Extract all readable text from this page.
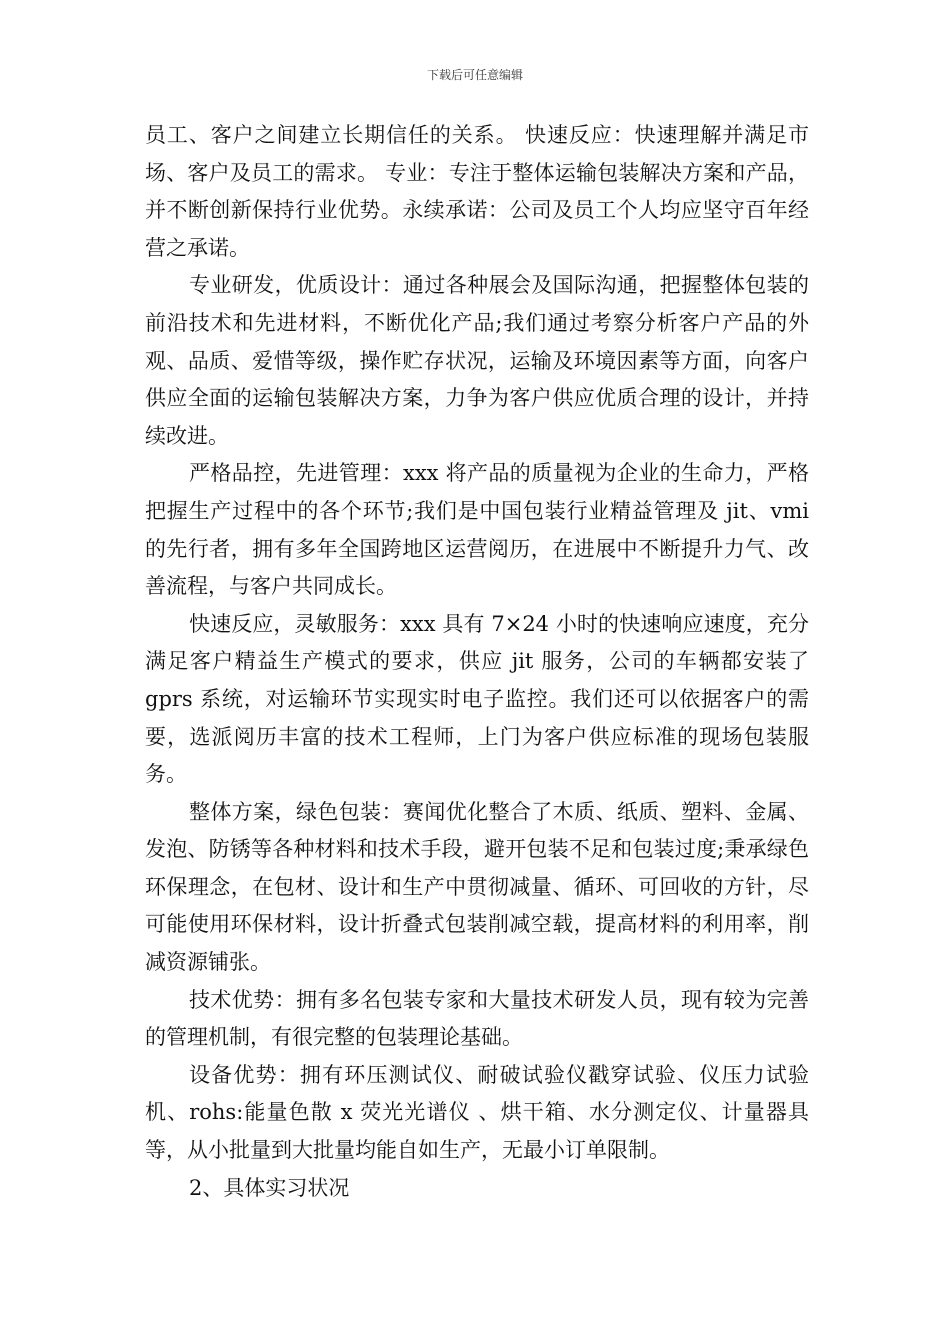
下载后可任意编辑

员工、客户之间建立长期信任的关系。 快速反应：快速理解并满足市场、客户及员工的需求。 专业：专注于整体运输包装解决方案和产品，并不断创新保持行业优势。永续承诺：公司及员工个人均应坚守百年经营之承诺。

专业研发，优质设计：通过各种展会及国际沟通，把握整体包装的前沿技术和先进材料，不断优化产品;我们通过考察分析客户产品的外观、品质、爱惜等级，操作贮存状况，运输及环境因素等方面，向客户供应全面的运输包装解决方案，力争为客户供应优质合理的设计，并持续改进。

严格品控，先进管理：xxx 将产品的质量视为企业的生命力，严格把握生产过程中的各个环节;我们是中国包装行业精益管理及 jit、vmi 的先行者，拥有多年全国跨地区运营阅历，在进展中不断提升力气、改善流程，与客户共同成长。

快速反应，灵敏服务：xxx 具有 7×24 小时的快速响应速度，充分满足客户精益生产模式的要求，供应 jit 服务，公司的车辆都安装了 gprs 系统，对运输环节实现实时电子监控。我们还可以依据客户的需要，选派阅历丰富的技术工程师，上门为客户供应标准的现场包装服务。

整体方案，绿色包装：赛闻优化整合了木质、纸质、塑料、金属、发泡、防锈等各种材料和技术手段，避开包装不足和包装过度;秉承绿色环保理念，在包材、设计和生产中贯彻减量、循环、可回收的方针，尽可能使用环保材料，设计折叠式包装削减空载，提高材料的利用率，削减资源铺张。

技术优势：拥有多名包装专家和大量技术研发人员，现有较为完善的管理机制，有很完整的包装理论基础。

设备优势：拥有环压测试仪、耐破试验仪戳穿试验、仪压力试验机、rohs:能量色散 x 荧光光谱仪 、烘干箱、水分测定仪、计量器具等，从小批量到大批量均能自如生产，无最小订单限制。

2、具体实习状况
